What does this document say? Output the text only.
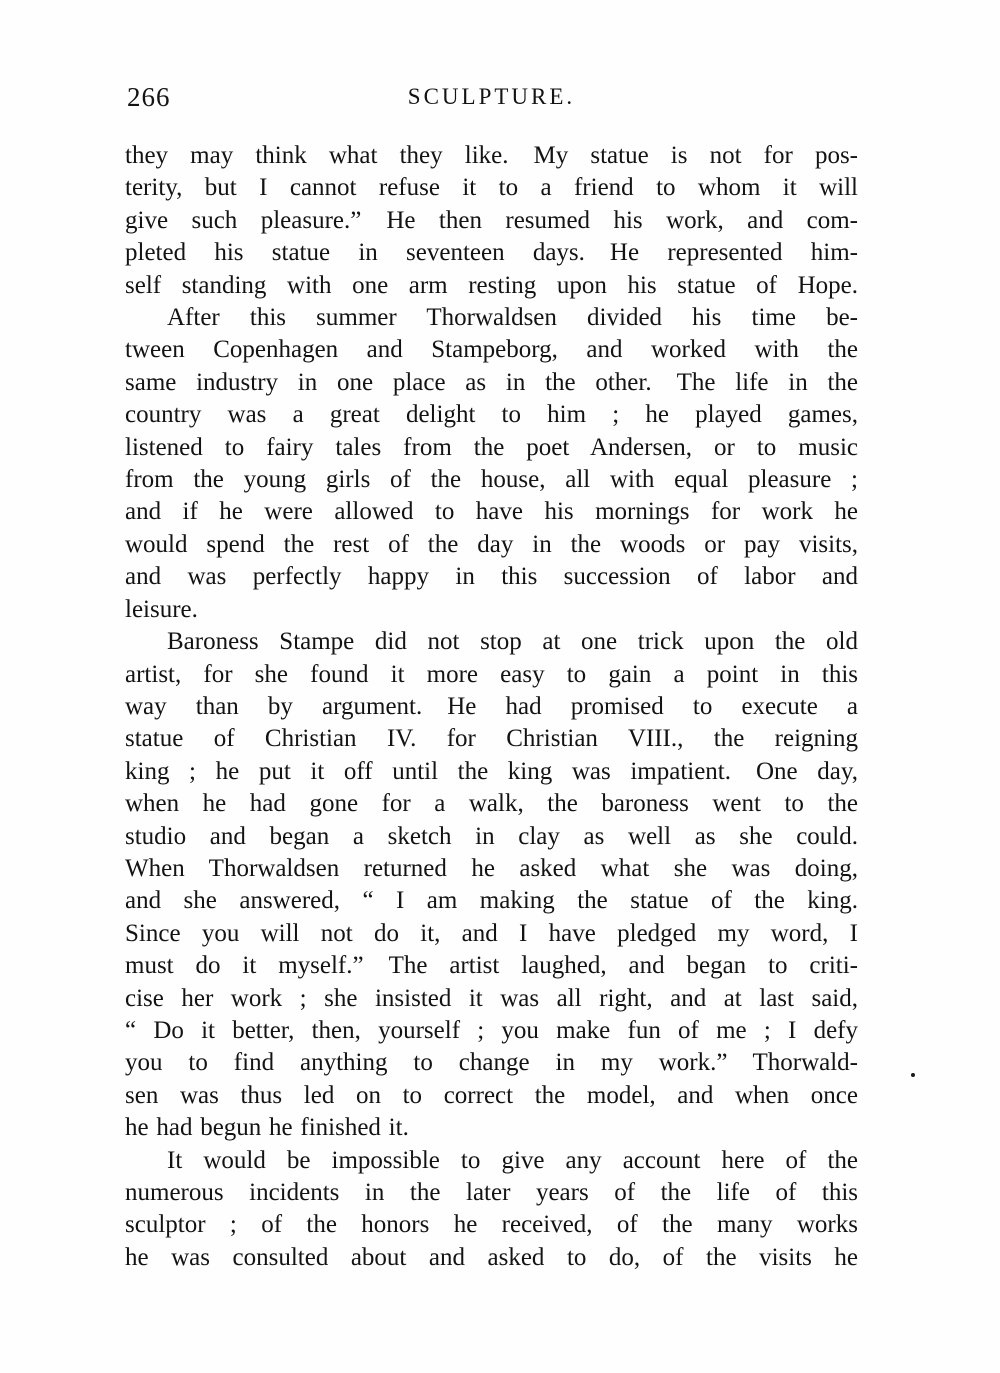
266	SCULPTURE.
they may think what they like. My statue is not for pos-
terity, but I cannot refuse it to a friend to whom it will
give such pleasure.” He then resumed his work, and com-
pleted his statue in seventeen days. He represented him-
self standing with one arm resting upon his statue of Hope.
After this summer Thorwaldsen divided his time be-
tween Copenhagen and Stampeborg, and worked with the
same industry in one place as in the other. The life in the
country was a great delight to him ; he played games,
listened to fairy tales from the poet Andersen, or to music
from the young girls of the house, all with equal pleasure ;
and if he were allowed to have his mornings for work he
would spend the rest of the day in the woods or pay visits,
and was perfectly happy in this succession of labor and
leisure.
Baroness Stampe did not stop at one trick upon the old
artist, for she found it more easy to gain a point in this
way than by argument. He had promised to execute a
statue of Christian IV. for Christian VIII., the reigning
king ; he put it off until the king was impatient. One day,
when he had gone for a walk, the baroness went to the
studio and began a sketch in clay as well as she could.
When Thorwaldsen returned he asked what she was doing,
and she answered, “ I am making the statue of the king.
Since you will not do it, and I have pledged my word, I
must do it myself.” The artist laughed, and began to criti-
cise her work ; she insisted it was all right, and at last said,
“ Do it better, then, yourself ; you make fun of me ; I defy
you to find anything to change in my work.” Thorwald-
sen was thus led on to correct the model, and when once
he had begun he finished it.
It would be impossible to give any account here of the
numerous incidents in the later years of the life of this
sculptor ; of the honors he received, of the many works
he was consulted about and asked to do, of the visits he
